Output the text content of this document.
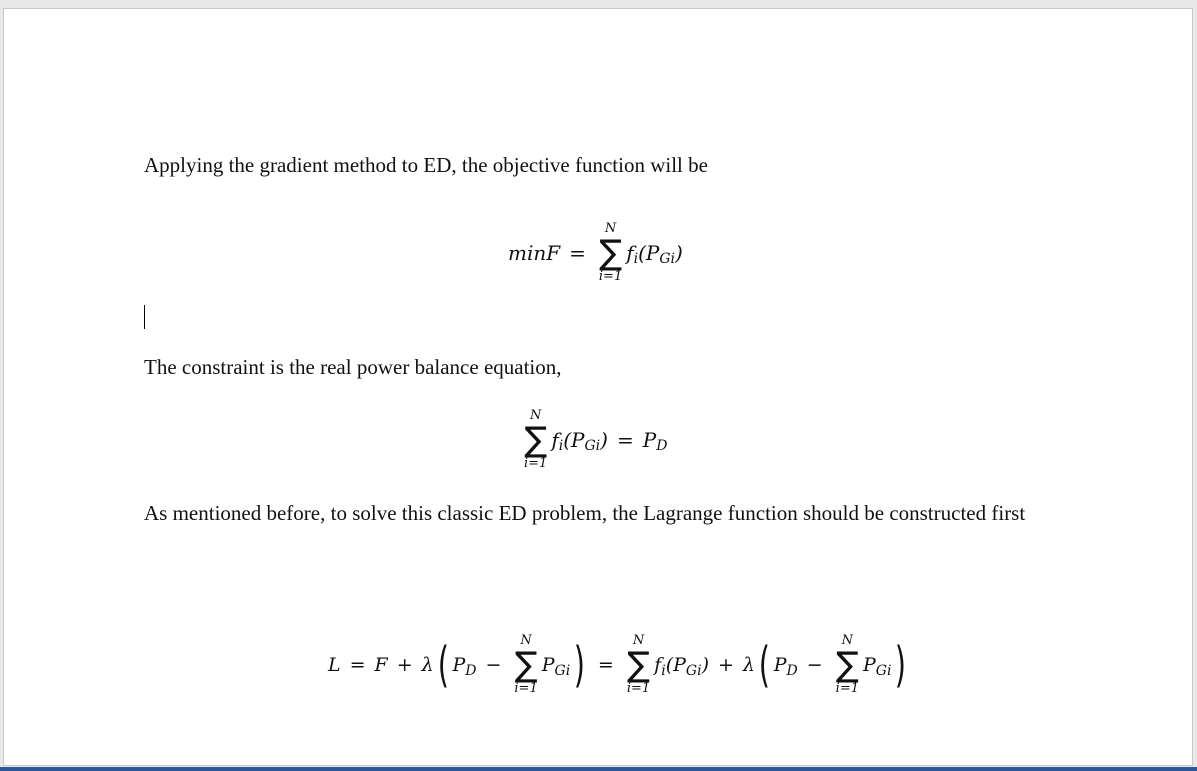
Applying the gradient method to ED, the objective function will be
minF =
N
∑
i=1
f i (P Gi )
The constraint is the real power balance equation,
N
∑
i=1
f i (P Gi ) = P D
As mentioned before, to solve this classic ED problem, the Lagrange function should be constructed first
L = F + λ ( P D −
N
∑
i=1
P Gi ) =
N
∑
i=1
f i (P Gi ) + λ ( P D −
N
∑
i=1
P Gi )
